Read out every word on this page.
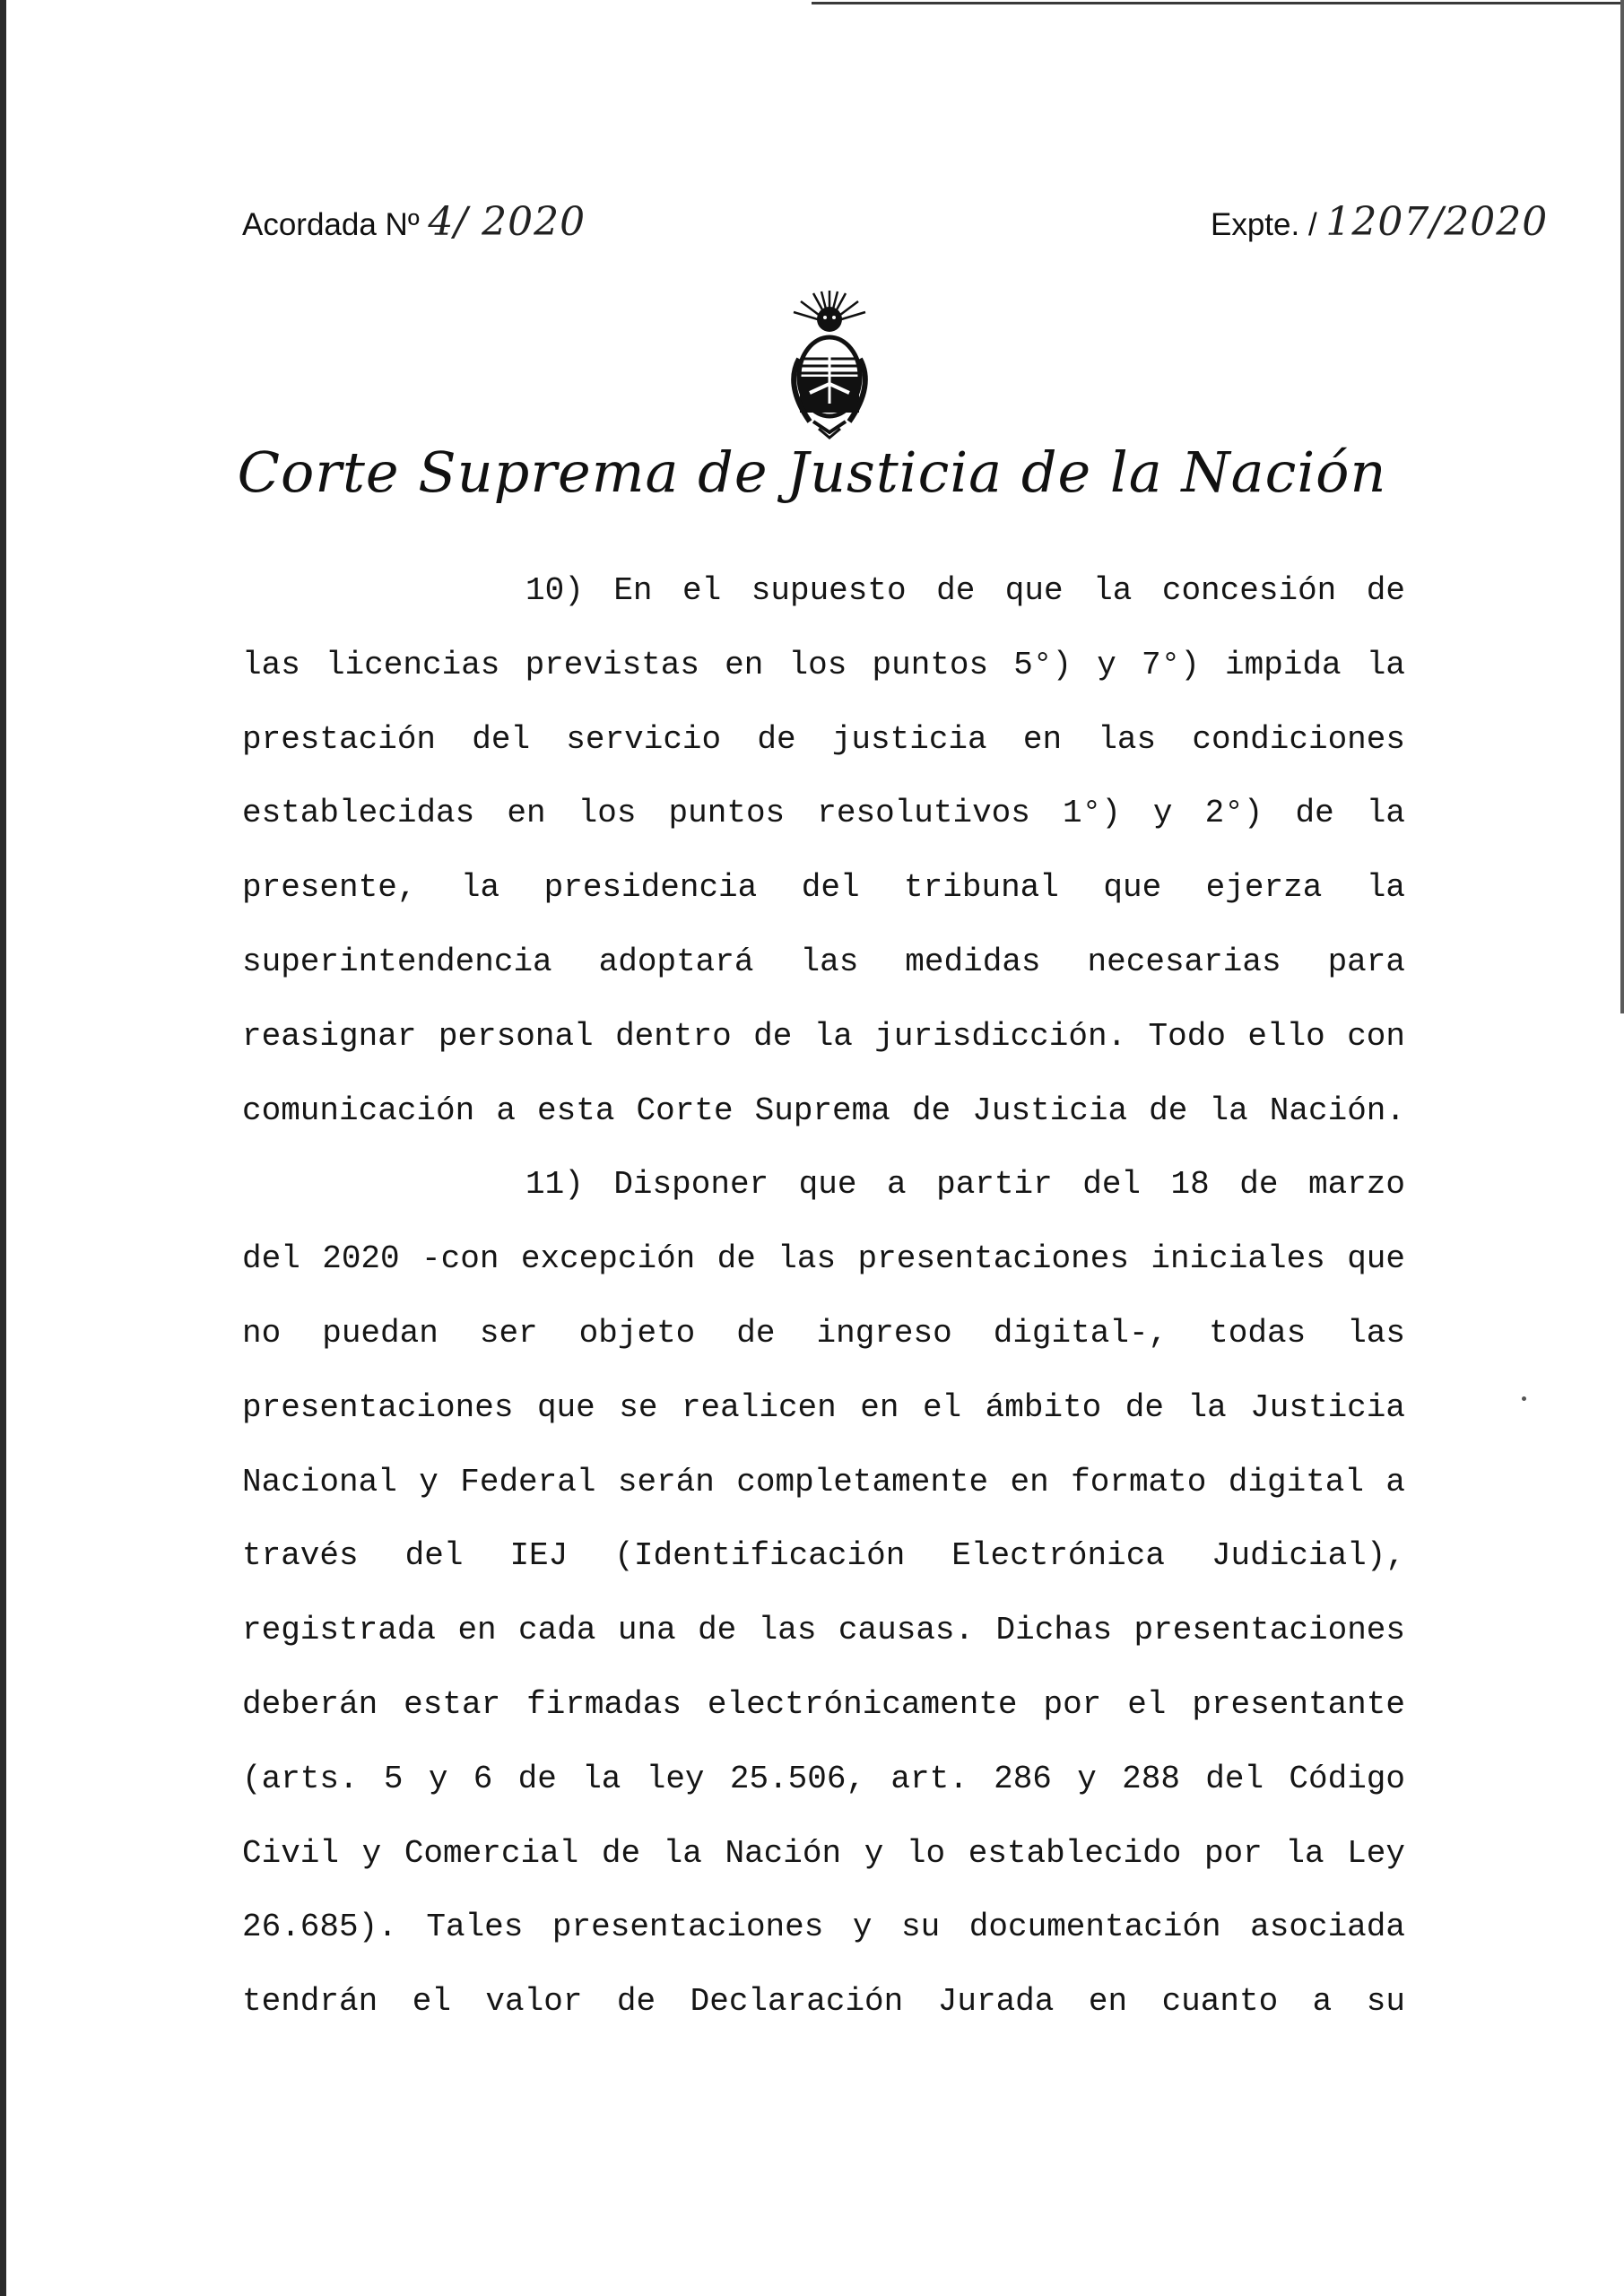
Acordada Nº 4/ 2020	Expte. / 1207/2020
Corte Suprema de Justicia de la Nación
10) En el supuesto de que la concesión de
las licencias previstas en los puntos 5°) y 7°) impida la
prestación del servicio de justicia en las condiciones
establecidas en los puntos resolutivos 1°) y 2°) de la
presente, la presidencia del tribunal que ejerza la
superintendencia adoptará las medidas necesarias para
reasignar personal dentro de la jurisdicción. Todo ello con
comunicación a esta Corte Suprema de Justicia de la Nación.
11) Disponer que a partir del 18 de marzo
del 2020 -con excepción de las presentaciones iniciales que
no puedan ser objeto de ingreso digital-, todas las
presentaciones que se realicen en el ámbito de la Justicia
Nacional y Federal serán completamente en formato digital a
través del IEJ (Identificación Electrónica Judicial),
registrada en cada una de las causas. Dichas presentaciones
deberán estar firmadas electrónicamente por el presentante
(arts. 5 y 6 de la ley 25.506, art. 286 y 288 del Código
Civil y Comercial de la Nación y lo establecido por la Ley
26.685). Tales presentaciones y su documentación asociada
tendrán el valor de Declaración Jurada en cuanto a su
